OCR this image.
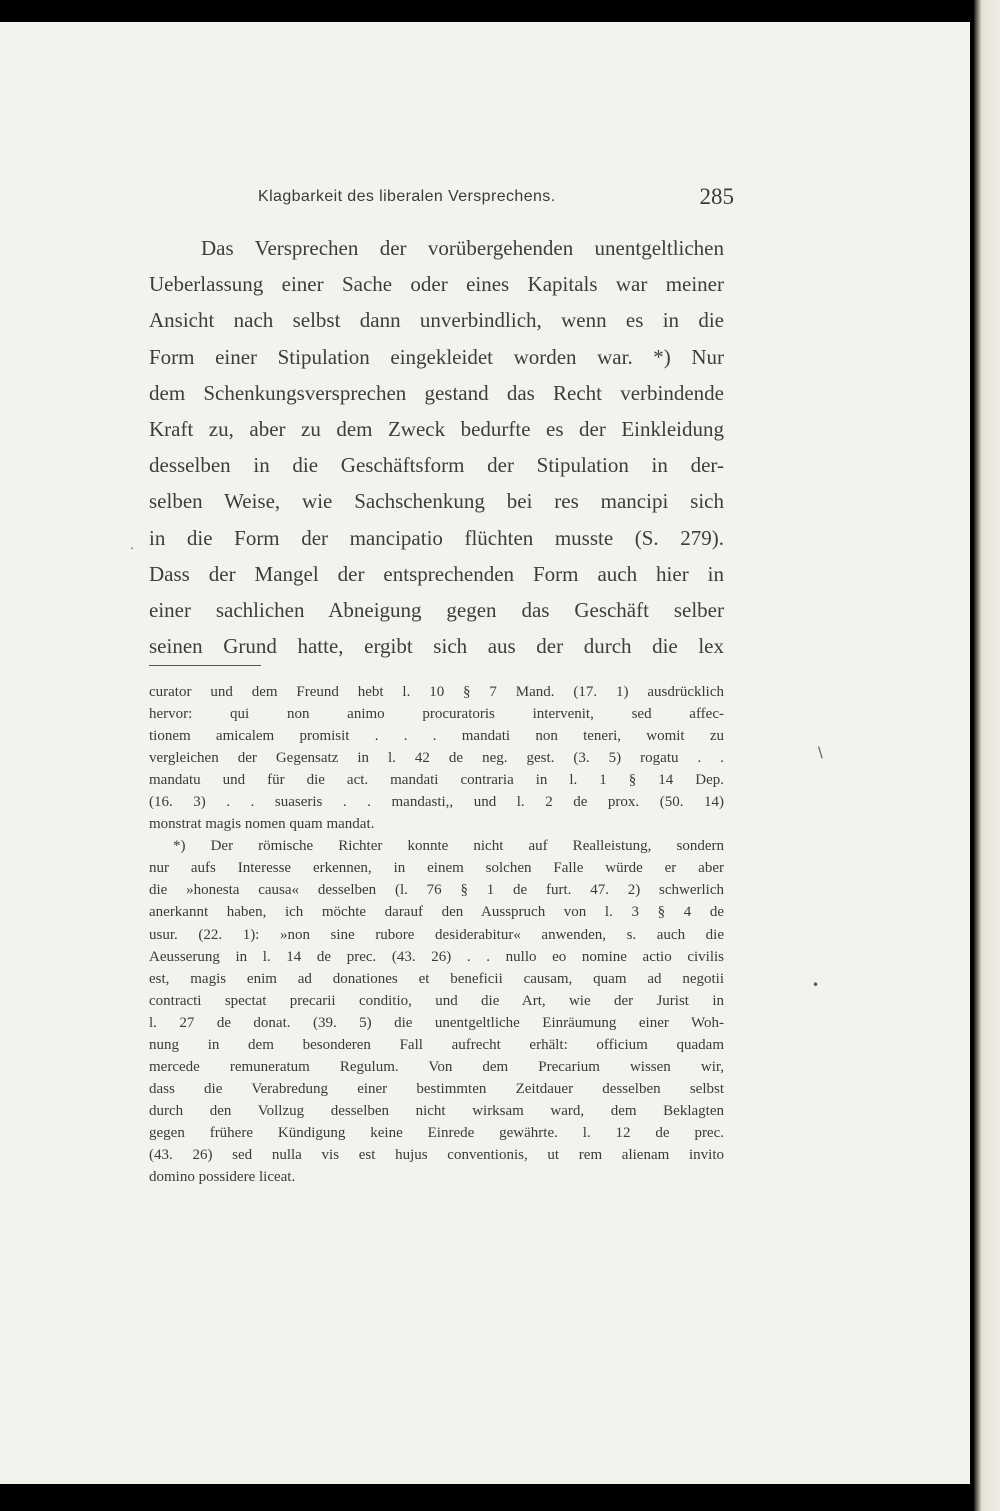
Klagbarkeit des liberalen Versprechens.	285
Das Versprechen der vorübergehenden unentgeltlichen
Ueberlassung einer Sache oder eines Kapitals war meiner
Ansicht nach selbst dann unverbindlich, wenn es in die
Form einer Stipulation eingekleidet worden war. *) Nur
dem Schenkungsversprechen gestand das Recht verbindende
Kraft zu, aber zu dem Zweck bedurfte es der Einkleidung
desselben in die Geschäftsform der Stipulation in der-
selben Weise, wie Sachschenkung bei res mancipi sich
in die Form der mancipatio flüchten musste (S. 279).
Dass der Mangel der entsprechenden Form auch hier in
einer sachlichen Abneigung gegen das Geschäft selber
seinen Grund hatte, ergibt sich aus der durch die lex
curator und dem Freund hebt l. 10 § 7 Mand. (17. 1) ausdrücklich
hervor: qui non animo procuratoris intervenit, sed affec-
tionem amicalem promisit . . . mandati non teneri, womit zu
vergleichen der Gegensatz in l. 42 de neg. gest. (3. 5) rogatu . .
mandatu und für die act. mandati contraria in l. 1 § 14 Dep.
(16. 3) . . suaseris . . mandasti,, und l. 2 de prox. (50. 14)
monstrat magis nomen quam mandat.
*) Der römische Richter konnte nicht auf Realleistung, sondern
nur aufs Interesse erkennen, in einem solchen Falle würde er aber
die »honesta causa« desselben (l. 76 § 1 de furt. 47. 2) schwerlich
anerkannt haben, ich möchte darauf den Ausspruch von l. 3 § 4 de
usur. (22. 1): »non sine rubore desiderabitur« anwenden, s. auch die
Aeusserung in l. 14 de prec. (43. 26) . . nullo eo nomine actio civilis
est, magis enim ad donationes et beneficii causam, quam ad negotii
contracti spectat precarii conditio, und die Art, wie der Jurist in
l. 27 de donat. (39. 5) die unentgeltliche Einräumung einer Woh-
nung in dem besonderen Fall aufrecht erhält: officium quadam
mercede remuneratum Regulum. Von dem Precarium wissen wir,
dass die Verabredung einer bestimmten Zeitdauer desselben selbst
durch den Vollzug desselben nicht wirksam ward, dem Beklagten
gegen frühere Kündigung keine Einrede gewährte. l. 12 de prec.
(43. 26) sed nulla vis est hujus conventionis, ut rem alienam invito
domino possidere liceat.
.
\
•
